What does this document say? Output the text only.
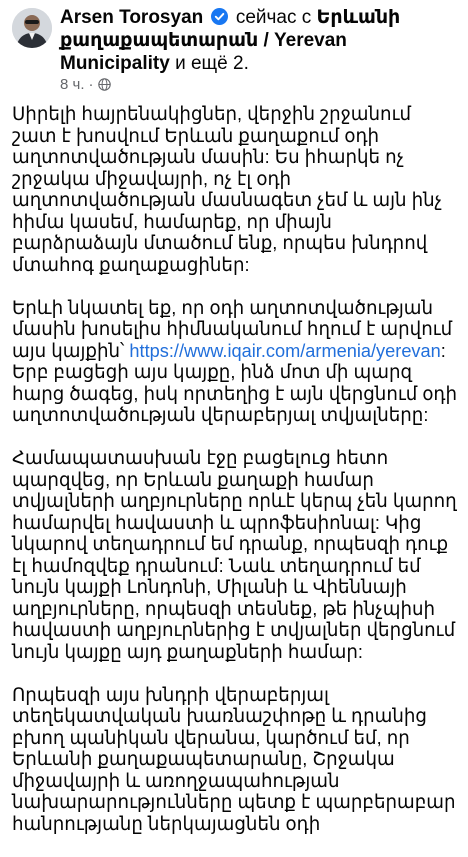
Arsen Torosyan  сейчас с Երևանի քաղաքապետարան / Yerevan Municipality и ещё 2.
8 ч. ·

Սիրելի հայրենակիցներ, վերջին շրջանում շատ է խոսվում Երևան քաղաքում օդի աղտոտվածության մասին: Ես իհարկե ոչ շրջակա միջավայրի, ոչ էլ օդի աղտոտվածության մասնագետ չեմ և այն ինչ հիմա կասեմ, համարեք, որ միայն բարձրաձայն մտածում ենք, որպես խնդրով մտահոգ քաղաքացիներ:

Երևի նկատել եք, որ օդի աղտոտվածության մասին խոսելիս հիմնականում հղում է արվում այս կայքին՝ https://www.iqair.com/armenia/yerevan: Երբ բացեցի այս կայքը, ինձ մոտ մի պարզ հարց ծագեց, իսկ որտեղից է այն վերցնում օդի աղտոտվածության վերաբերյալ տվյալները:

Համապատասխան էջը բացելուց հետո պարզվեց, որ Երևան քաղաքի համար տվյալների աղբյուրները որևէ կերպ չեն կարող համարվել հավաստի և պրոֆեսիոնալ: Կից նկարով տեղադրում եմ դրանք, որպեսզի դուք էլ համոզվեք դրանում: Նաև տեղադրում եմ նույն կայքի Լոնդոնի, Միլանի և Վիեննայի աղբյուրները, որպեսզի տեսնեք, թե ինչպիսի հավաստի աղբյուրներից է տվյալներ վերցնում նույն կայքը այդ քաղաքների համար:

Որպեսզի այս խնդրի վերաբերյալ տեղեկատվական խառնաշփոթը և դրանից բխող պանիկան վերանա, կարծում եմ, որ Երևանի քաղաքապետարանը, Շրջակա միջավայրի և առողջապահության նախարարությունները պետք է պարբերաբար հանրությանը ներկայացնեն օդի
